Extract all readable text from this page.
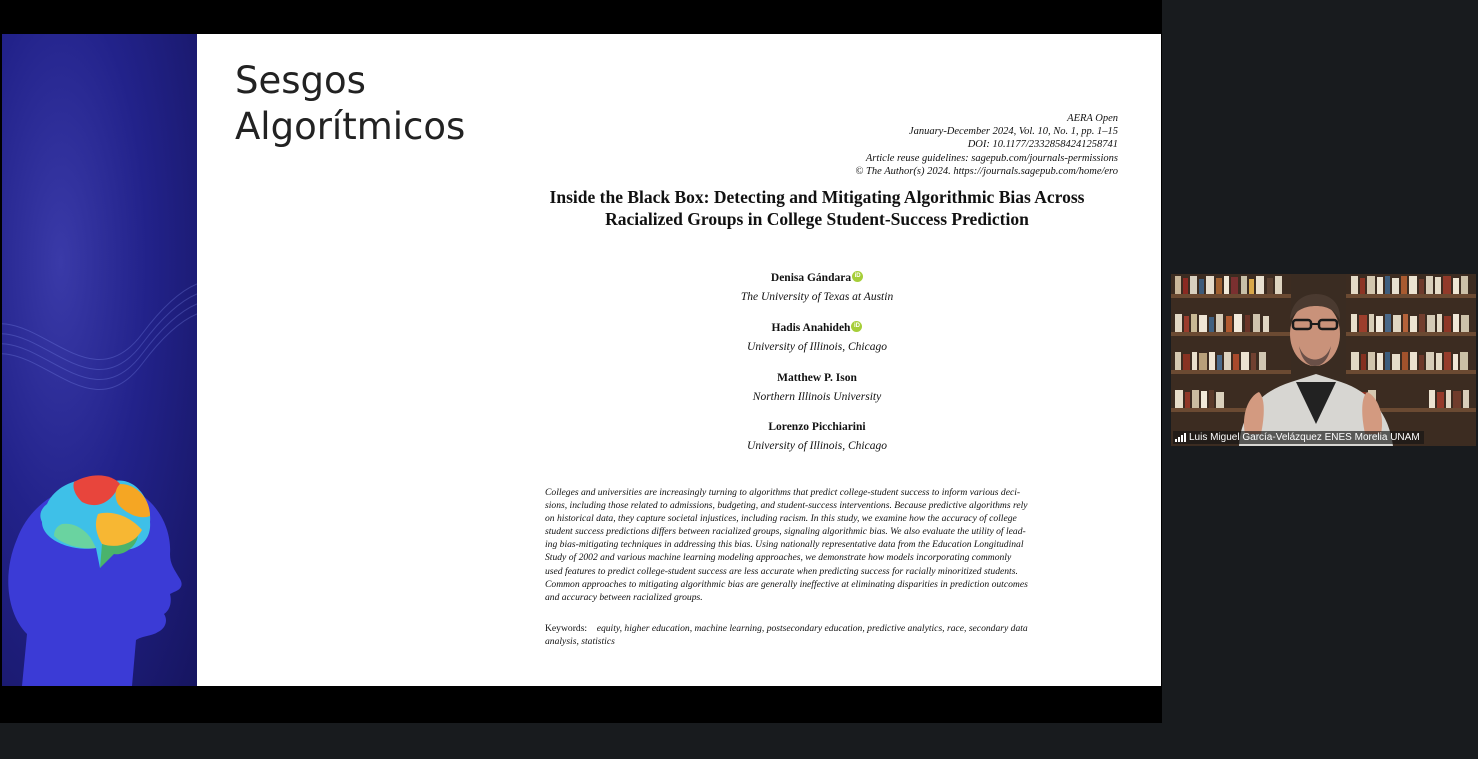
Sesgos
Algorítmicos	AERA Open
January-December 2024, Vol. 10, No. 1, pp. 1–15
DOI: 10.1177/23328584241258741
Article reuse guidelines: sagepub.com/journals-permissions
© The Author(s) 2024. https://journals.sagepub.com/home/ero
Inside the Black Box: Detecting and Mitigating Algorithmic Bias Across
Racialized Groups in College Student-Success Prediction
Denisa Gándara iD
The University of Texas at Austin
Hadis Anahideh iD
University of Illinois, Chicago
Matthew P. Ison
Northern Illinois University
Lorenzo Picchiarini
University of Illinois, Chicago
Colleges and universities are increasingly turning to algorithms that predict college-student success to inform various deci-
sions, including those related to admissions, budgeting, and student-success interventions. Because predictive algorithms rely
on historical data, they capture societal injustices, including racism. In this study, we examine how the accuracy of college
student success predictions differs between racialized groups, signaling algorithmic bias. We also evaluate the utility of lead-
ing bias-mitigating techniques in addressing this bias. Using nationally representative data from the Education Longitudinal
Study of 2002 and various machine learning modeling approaches, we demonstrate how models incorporating commonly
used features to predict college-student success are less accurate when predicting success for racially minoritized students.
Common approaches to mitigating algorithmic bias are generally ineffective at eliminating disparities in prediction outcomes
and accuracy between racialized groups.
Keywords: equity, higher education, machine learning, postsecondary education, predictive analytics, race, secondary data
analysis, statistics
Luis Miguel García-Velázquez ENES Morelia UNAM
